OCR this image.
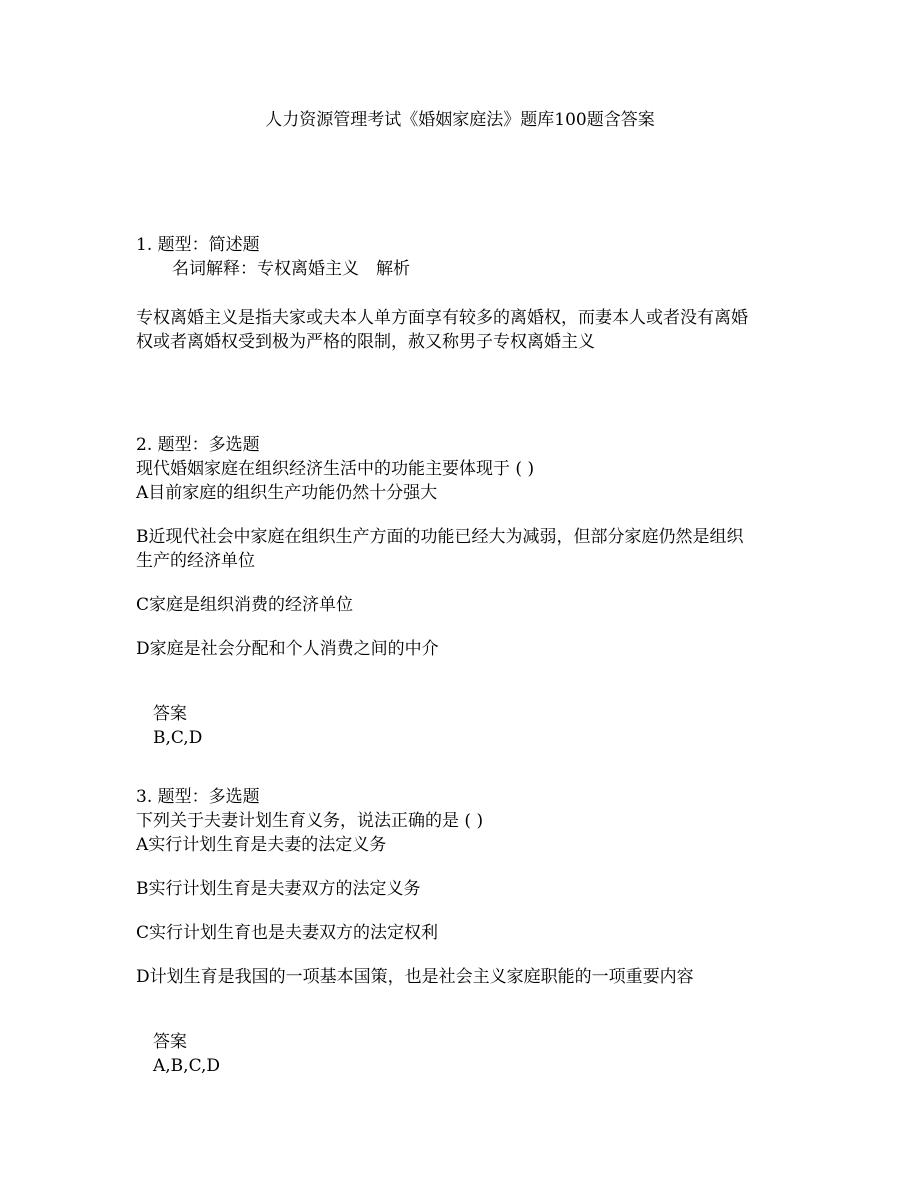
人力资源管理考试《婚姻家庭法》题库100题含答案
1. 题型：简述题
名词解释：专权离婚主义　解析
专权离婚主义是指夫家或夫本人单方面享有较多的离婚权，而妻本人或者没有离婚
权或者离婚权受到极为严格的限制，赦又称男子专权离婚主义
2. 题型：多选题
现代婚姻家庭在组织经济生活中的功能主要体现于 ( )
A目前家庭的组织生产功能仍然十分强大
B近现代社会中家庭在组织生产方面的功能已经大为减弱，但部分家庭仍然是组织
生产的经济单位
C家庭是组织消费的经济单位
D家庭是社会分配和个人消费之间的中介
答案
B,C,D
3. 题型：多选题
下列关于夫妻计划生育义务，说法正确的是 ( )
A实行计划生育是夫妻的法定义务
B实行计划生育是夫妻双方的法定义务
C实行计划生育也是夫妻双方的法定权利
D计划生育是我国的一项基本国策，也是社会主义家庭职能的一项重要内容
答案
A,B,C,D
